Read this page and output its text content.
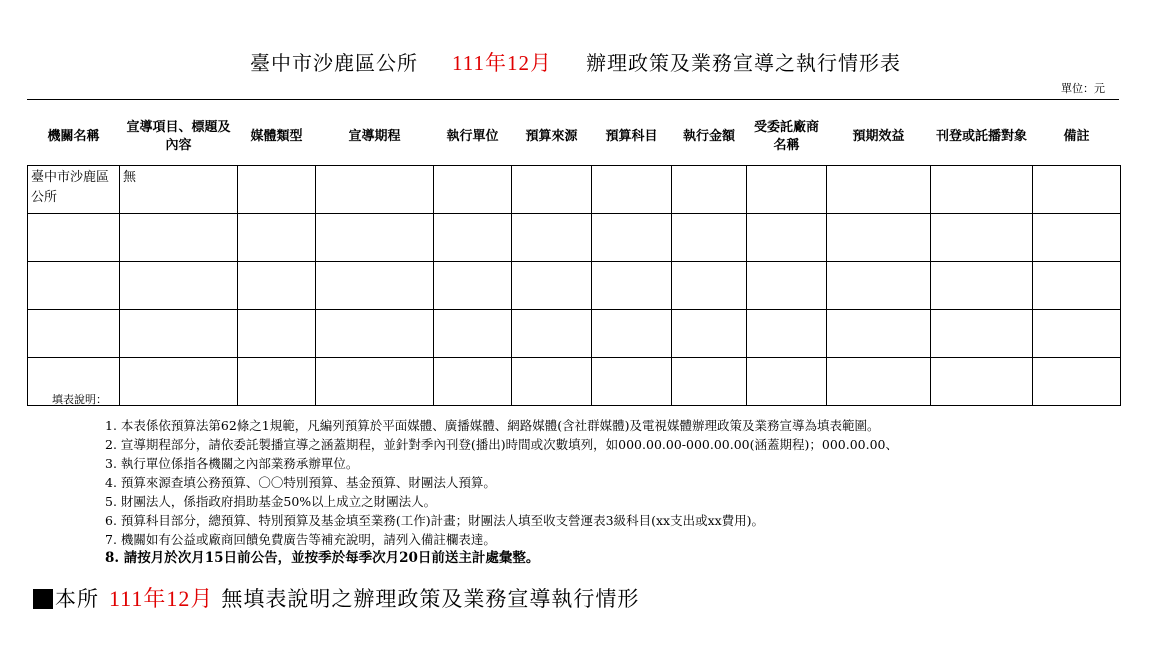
臺中市沙鹿區公所 111年12月 辦理政策及業務宣導之執行情形表
單位：元
機關名稱	宣導項目、標題及內容	媒體類型	宣導期程	執行單位	預算來源	預算科目	執行金額	受委託廠商名稱	預期效益	刊登或託播對象	備註
臺中市沙鹿區公所	無										

填表說明：
1. 本表係依預算法第62條之1規範，凡編列預算於平面媒體、廣播媒體、網路媒體(含社群媒體)及電視媒體辦理政策及業務宣導為填表範圍。
2. 宣導期程部分，請依委託製播宣導之涵蓋期程，並針對季內刊登(播出)時間或次數填列，如000.00.00-000.00.00(涵蓋期程)；000.00.00、
3. 執行單位係指各機關之內部業務承辦單位。
4. 預算來源查填公務預算、〇〇特別預算、基金預算、財團法人預算。
5. 財團法人，係指政府捐助基金50%以上成立之財團法人。
6. 預算科目部分，總預算、特別預算及基金填至業務(工作)計畫；財團法人填至收支營運表3級科目(xx支出或xx費用)。
7. 機關如有公益或廠商回饋免費廣告等補充說明，請列入備註欄表達。
8. 請按月於次月15日前公告，並按季於每季次月20日前送主計處彙整。
本所 111年12月 無填表說明之辦理政策及業務宣導執行情形
